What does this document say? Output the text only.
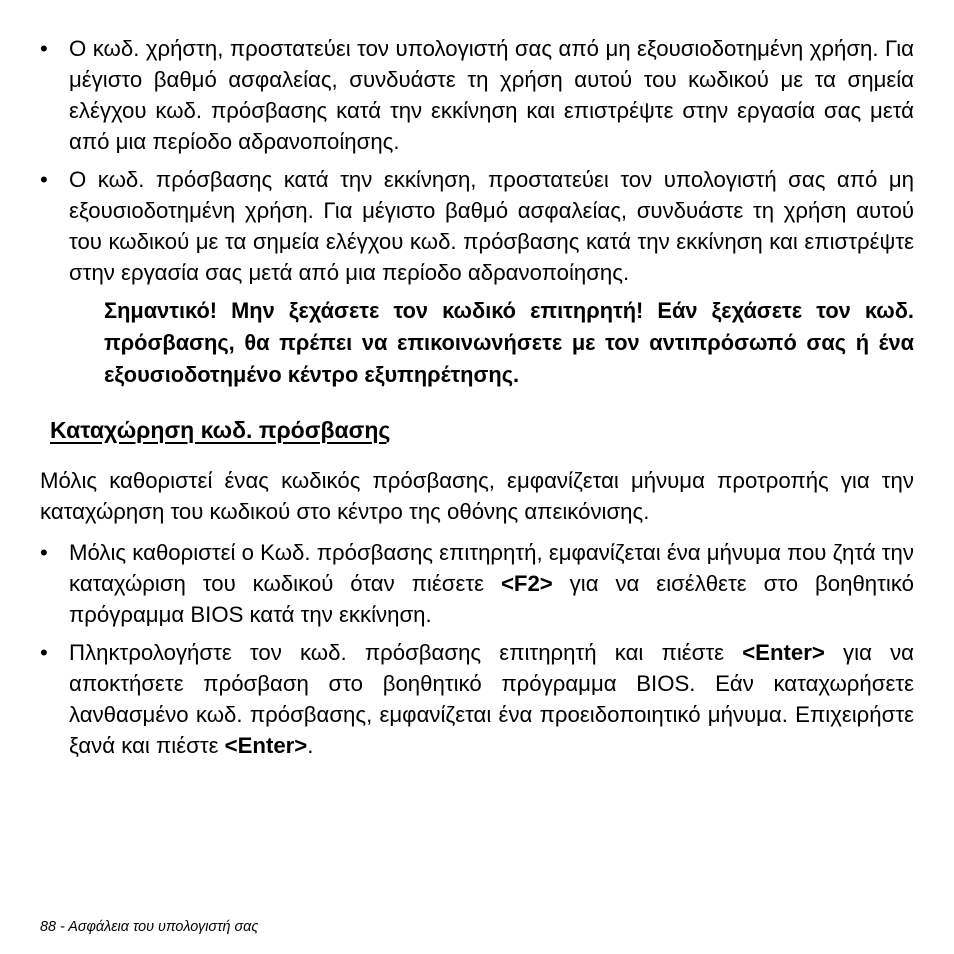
• Ο κωδ. χρήστη, προστατεύει τον υπολογιστή σας από μη εξουσιοδοτημένη χρήση. Για μέγιστο βαθμό ασφαλείας, συνδυάστε τη χρήση αυτού του κωδικού με τα σημεία ελέγχου κωδ. πρόσβασης κατά την εκκίνηση και επιστρέψτε στην εργασία σας μετά από μια περίοδο αδρανοποίησης.
• Ο κωδ. πρόσβασης κατά την εκκίνηση, προστατεύει τον υπολογιστή σας από μη εξουσιοδοτημένη χρήση. Για μέγιστο βαθμό ασφαλείας, συνδυάστε τη χρήση αυτού του κωδικού με τα σημεία ελέγχου κωδ. πρόσβασης κατά την εκκίνηση και επιστρέψτε στην εργασία σας μετά από μια περίοδο αδρανοποίησης.
Σημαντικό! Μην ξεχάσετε τον κωδικό επιτηρητή! Εάν ξεχάσετε τον κωδ. πρόσβασης, θα πρέπει να επικοινωνήσετε με τον αντιπρόσωπό σας ή ένα εξουσιοδοτημένο κέντρο εξυπηρέτησης.
Καταχώρηση κωδ. πρόσβασης
Μόλις καθοριστεί ένας κωδικός πρόσβασης, εμφανίζεται μήνυμα προτροπής για την καταχώρηση του κωδικού στο κέντρο της οθόνης απεικόνισης.
• Μόλις καθοριστεί ο Κωδ. πρόσβασης επιτηρητή, εμφανίζεται ένα μήνυμα που ζητά την καταχώριση του κωδικού όταν πιέσετε <F2> για να εισέλθετε στο βοηθητικό πρόγραμμα BIOS κατά την εκκίνηση.
• Πληκτρολογήστε τον κωδ. πρόσβασης επιτηρητή και πιέστε <Enter> για να αποκτήσετε πρόσβαση στο βοηθητικό πρόγραμμα BIOS. Εάν καταχωρήσετε λανθασμένο κωδ. πρόσβασης, εμφανίζεται ένα προειδοποιητικό μήνυμα. Επιχειρήστε ξανά και πιέστε <Enter>.
88 - Ασφάλεια του υπολογιστή σας
